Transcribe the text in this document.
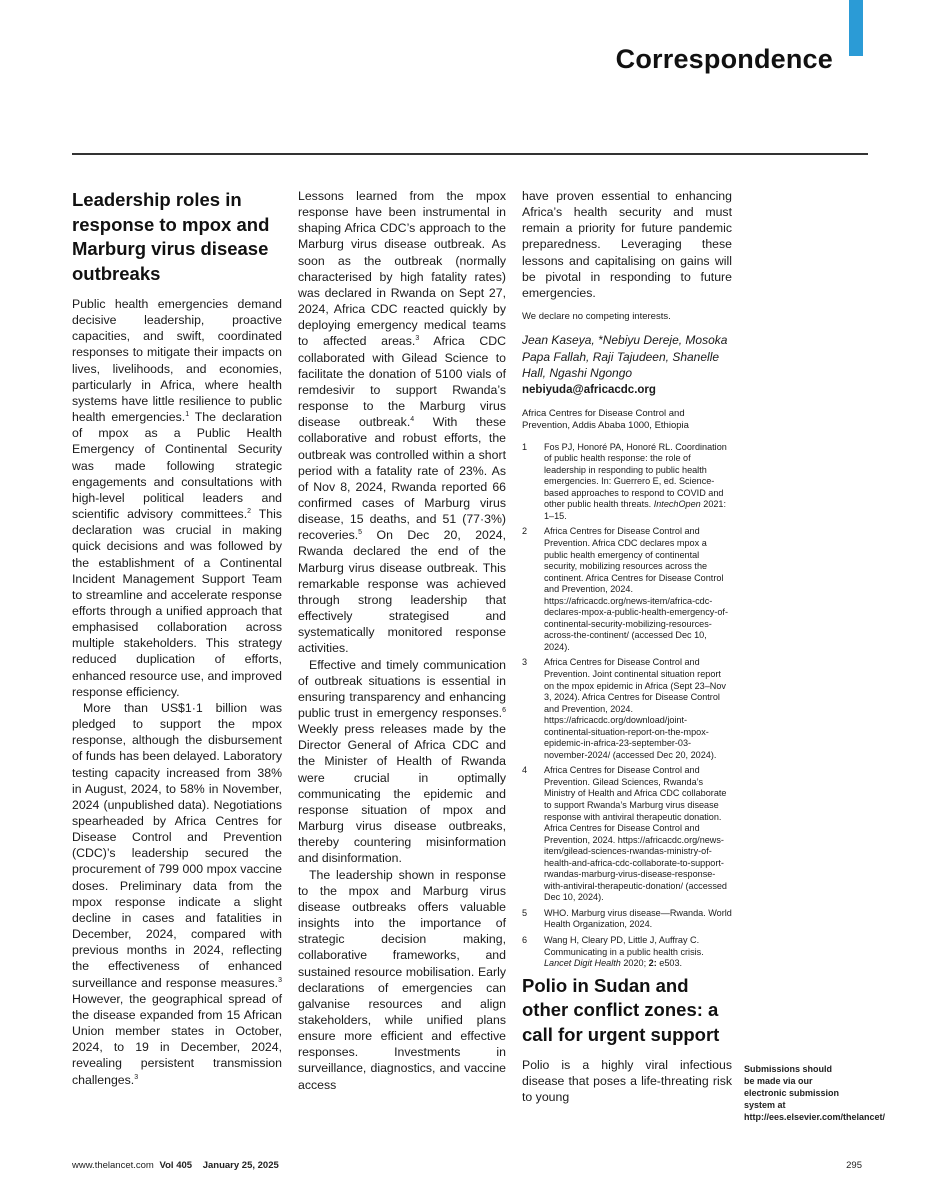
Correspondence
Leadership roles in response to mpox and Marburg virus disease outbreaks

Public health emergencies demand decisive leadership, proactive capacities, and swift, coordinated responses to mitigate their impacts on lives, livelihoods, and economies, particularly in Africa, where health systems have little resilience to public health emergencies.$^1$ The declaration of mpox as a Public Health Emergency of Continental Security was made following strategic engagements and consultations with high-level political leaders and scientific advisory committees.$^2$ This declaration was crucial in making quick decisions and was followed by the establishment of a Continental Incident Management Support Team to streamline and accelerate response efforts through a unified approach that emphasised collaboration across multiple stakeholders. This strategy reduced duplication of efforts, enhanced resource use, and improved response efficiency.

More than US$1·1 billion was pledged to support the mpox response, although the disbursement of funds has been delayed. Laboratory testing capacity increased from 38% in August, 2024, to 58% in November, 2024 (unpublished data). Negotiations spearheaded by Africa Centres for Disease Control and Prevention (CDC)’s leadership secured the procurement of 799 000 mpox vaccine doses. Preliminary data from the mpox response indicate a slight decline in cases and fatalities in December, 2024, compared with previous months in 2024, reflecting the effectiveness of enhanced surveillance and response measures.$^3$ However, the geographical spread of the disease expanded from 15 African Union member states in October, 2024, to 19 in December, 2024, revealing persistent transmission challenges.$^3$

Lessons learned from the mpox response have been instrumental in shaping Africa CDC’s approach to the Marburg virus disease outbreak. As soon as the outbreak (normally characterised by high fatality rates) was declared in Rwanda on Sept 27, 2024, Africa CDC reacted quickly by deploying emergency medical teams to affected areas.$^3$ Africa CDC collaborated with Gilead Science to facilitate the donation of 5100 vials of remdesivir to support Rwanda’s response to the Marburg virus disease outbreak.$^4$ With these collaborative and robust efforts, the outbreak was controlled within a short period with a fatality rate of 23%. As of Nov 8, 2024, Rwanda reported 66 confirmed cases of Marburg virus disease, 15 deaths, and 51 (77·3%) recoveries.$^5$ On Dec 20, 2024, Rwanda declared the end of the Marburg virus disease outbreak. This remarkable response was achieved through strong leadership that effectively strategised and systematically monitored response activities.

Effective and timely communication of outbreak situations is essential in ensuring transparency and enhancing public trust in emergency responses.$^6$ Weekly press releases made by the Director General of Africa CDC and the Minister of Health of Rwanda were crucial in optimally communicating the epidemic and response situation of mpox and Marburg virus disease outbreaks, thereby countering misinformation and disinformation.

The leadership shown in response to the mpox and Marburg virus disease outbreaks offers valuable insights into the importance of strategic decision making, collaborative frameworks, and sustained resource mobilisation. Early declarations of emergencies can galvanise resources and align stakeholders, while unified plans ensure more efficient and effective responses. Investments in surveillance, diagnostics, and vaccine access

have proven essential to enhancing Africa’s health security and must remain a priority for future pandemic preparedness. Leveraging these lessons and capitalising on gains will be pivotal in responding to future emergencies.

We declare no competing interests.

Jean Kaseya, *Nebiyu Dereje, Mosoka Papa Fallah, Raji Tajudeen, Shanelle Hall, Ngashi Ngongo

nebiyuda@africacdc.org

Africa Centres for Disease Control and Prevention, Addis Ababa 1000, Ethiopia

1	Fos PJ, Honoré PA, Honoré RL. Coordination of public health response: the role of leadership in responding to public health emergencies. In: Guerrero E, ed. Science-based approaches to respond to COVID and other public health threats. IntechOpen 2021: 1–15.
2	Africa Centres for Disease Control and Prevention. Africa CDC declares mpox a public health emergency of continental security, mobilizing resources across the continent. Africa Centres for Disease Control and Prevention, 2024. https://africacdc.org/news-item/africa-cdc-declares-mpox-a-public-health-emergency-of-continental-security-mobilizing-resources-across-the-continent/ (accessed Dec 10, 2024).
3	Africa Centres for Disease Control and Prevention. Joint continental situation report on the mpox epidemic in Africa (Sept 23–Nov 3, 2024). Africa Centres for Disease Control and Prevention, 2024. https://africacdc.org/download/joint-continental-situation-report-on-the-mpox-epidemic-in-africa-23-september-03-november-2024/ (accessed Dec 20, 2024).
4	Africa Centres for Disease Control and Prevention. Gilead Sciences, Rwanda’s Ministry of Health and Africa CDC collaborate to support Rwanda’s Marburg virus disease response with antiviral therapeutic donation. Africa Centres for Disease Control and Prevention, 2024. https://africacdc.org/news-item/gilead-sciences-rwandas-ministry-of-health-and-africa-cdc-collaborate-to-support-rwandas-marburg-virus-disease-response-with-antiviral-therapeutic-donation/ (accessed Dec 10, 2024).
5	WHO. Marburg virus disease—Rwanda. World Health Organization, 2024.
6	Wang H, Cleary PD, Little J, Auffray C. Communicating in a public health crisis. Lancet Digit Health 2020; 2: e503.
Polio in Sudan and other conflict zones: a call for urgent support

Polio is a highly viral infectious disease that poses a life-threating risk to young

Submissions should be made via our electronic submission system at http://ees.elsevier.com/thelancet/

www.thelancet.com Vol 405 January 25, 2025	295
